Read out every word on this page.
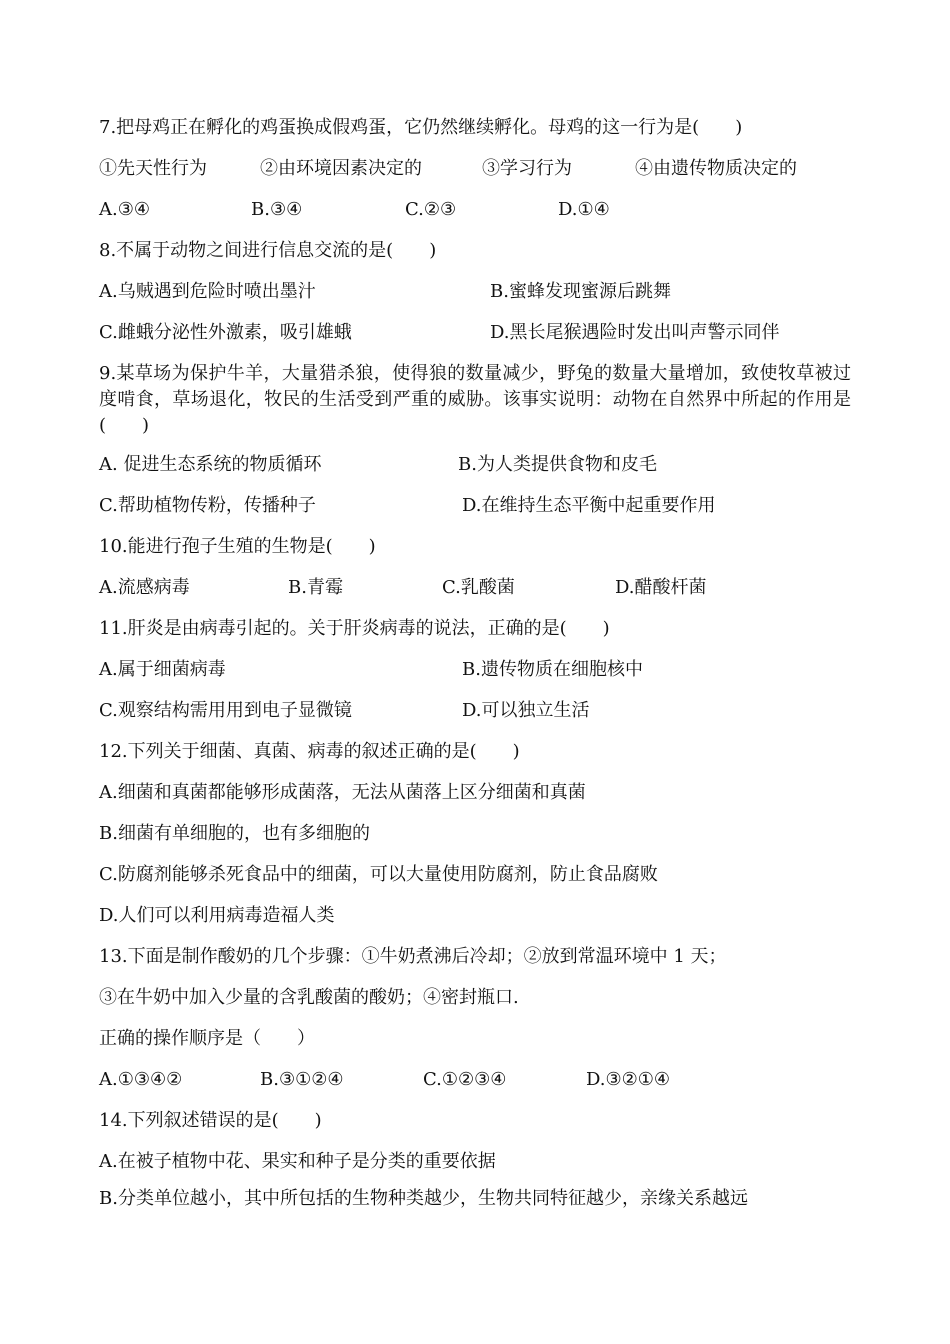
7.把母鸡正在孵化的鸡蛋换成假鸡蛋，它仍然继续孵化。母鸡的这一行为是(　　)
①先天性行为	②由环境因素决定的	③学习行为	④由遗传物质决定的
A.③④	B.③④	C.②③	D.①④
8.不属于动物之间进行信息交流的是(　　)
A.乌贼遇到危险时喷出墨汁	B.蜜蜂发现蜜源后跳舞
C.雌蛾分泌性外激素，吸引雄蛾	D.黑长尾猴遇险时发出叫声警示同伴
9.某草场为保护牛羊，大量猎杀狼，使得狼的数量减少，野兔的数量大量增加，致使牧草被过度啃食，草场退化，牧民的生活受到严重的威胁。该事实说明：动物在自然界中所起的作用是(　　)
A. 促进生态系统的物质循环	B.为人类提供食物和皮毛
C.帮助植物传粉，传播种子	D.在维持生态平衡中起重要作用
10.能进行孢子生殖的生物是(　　)
A.流感病毒	B.青霉	C.乳酸菌	D.醋酸杆菌
11.肝炎是由病毒引起的。关于肝炎病毒的说法，正确的是(　　)
A.属于细菌病毒	B.遗传物质在细胞核中
C.观察结构需用用到电子显微镜	D.可以独立生活
12.下列关于细菌、真菌、病毒的叙述正确的是(　　)
A.细菌和真菌都能够形成菌落，无法从菌落上区分细菌和真菌
B.细菌有单细胞的，也有多细胞的
C.防腐剂能够杀死食品中的细菌，可以大量使用防腐剂，防止食品腐败
D.人们可以利用病毒造福人类
13.下面是制作酸奶的几个步骤：①牛奶煮沸后冷却；②放到常温环境中 1 天；
③在牛奶中加入少量的含乳酸菌的酸奶；④密封瓶口.
正确的操作顺序是（　　）
A.①③④②	B.③①②④	C.①②③④	D.③②①④
14.下列叙述错误的是(　　)
A.在被子植物中花、果实和种子是分类的重要依据
B.分类单位越小，其中所包括的生物种类越少，生物共同特征越少，亲缘关系越远
